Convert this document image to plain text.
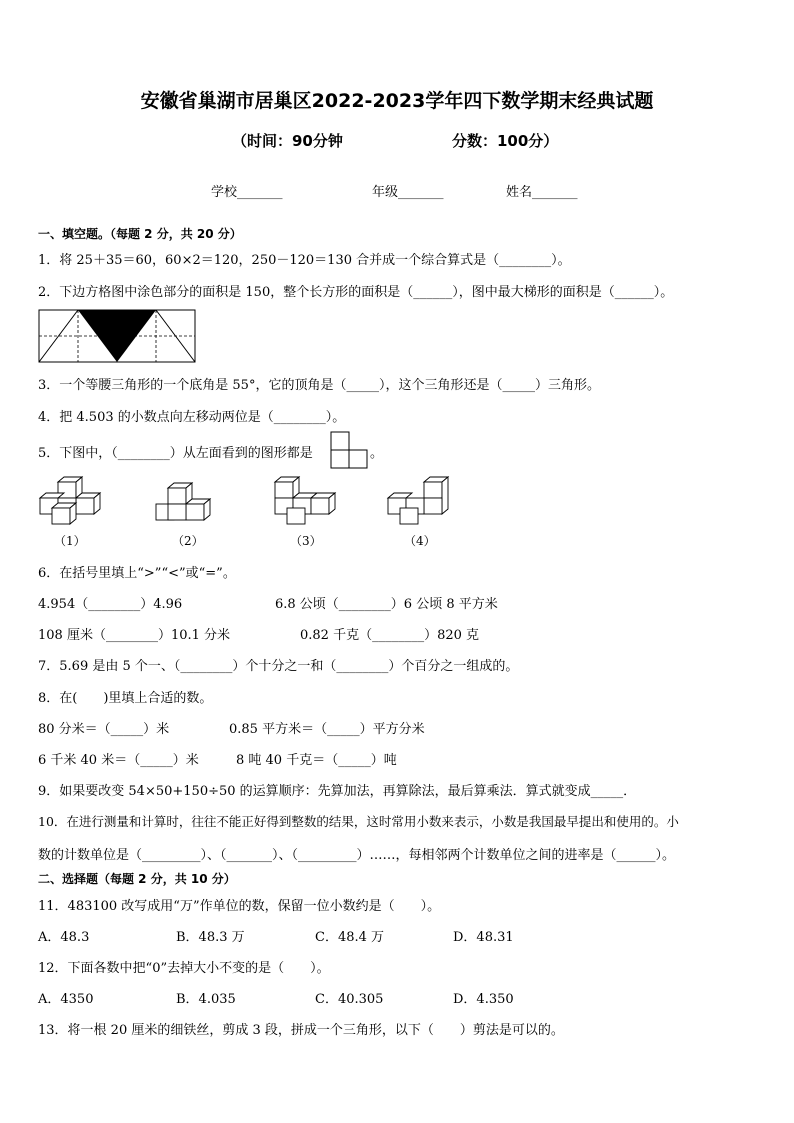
安徽省巢湖市居巢区2022-2023学年四下数学期末经典试题
（时间：90分钟	分数：100分）
学校_______	年级_______	姓名_______
一、填空题。（每题 2 分，共 20 分）
1．将 25＋35＝60，60×2＝120，250－120＝130 合并成一个综合算式是（________）。
2．下边方格图中涂色部分的面积是 150，整个长方形的面积是（______），图中最大梯形的面积是（______）。
3．一个等腰三角形的一个底角是 55°，它的顶角是（_____），这个三角形还是（_____）三角形。
4．把 4.503 的小数点向左移动两位是（________）。
5．下图中，（________）从左面看到的图形都是	。
（1）	（2）	（3）	（4）
6．在括号里填上“>”“<”或“=”。
4.954（________）4.96	6.8 公顷（________）6 公顷 8 平方米
108 厘米（________）10.1 分米	0.82 千克（________）820 克
7．5.69 是由 5 个一、（________）个十分之一和（________）个百分之一组成的。
8．在(　　)里填上合适的数。
80 分米＝（_____）米	0.85 平方米＝（_____）平方分米
6 千米 40 米＝（_____）米	8 吨 40 千克＝（_____）吨
9．如果要改变 54×50+150÷50 的运算顺序：先算加法，再算除法，最后算乘法．算式就变成_____．
10．在进行测量和计算时，往往不能正好得到整数的结果，这时常用小数来表示，小数是我国最早提出和使用的。小
数的计数单位是（_________）、（_______）、（_________）……，每相邻两个计数单位之间的进率是（______）。
二、选择题（每题 2 分，共 10 分）
11．483100 改写成用“万”作单位的数，保留一位小数约是（　　）。
A．48.3	B．48.3 万	C．48.4 万	D．48.31
12．下面各数中把“0”去掉大小不变的是（　　）。
A．4350	B．4.035	C．40.305	D．4.350
13．将一根 20 厘米的细铁丝，剪成 3 段，拼成一个三角形，以下（　　）剪法是可以的。
